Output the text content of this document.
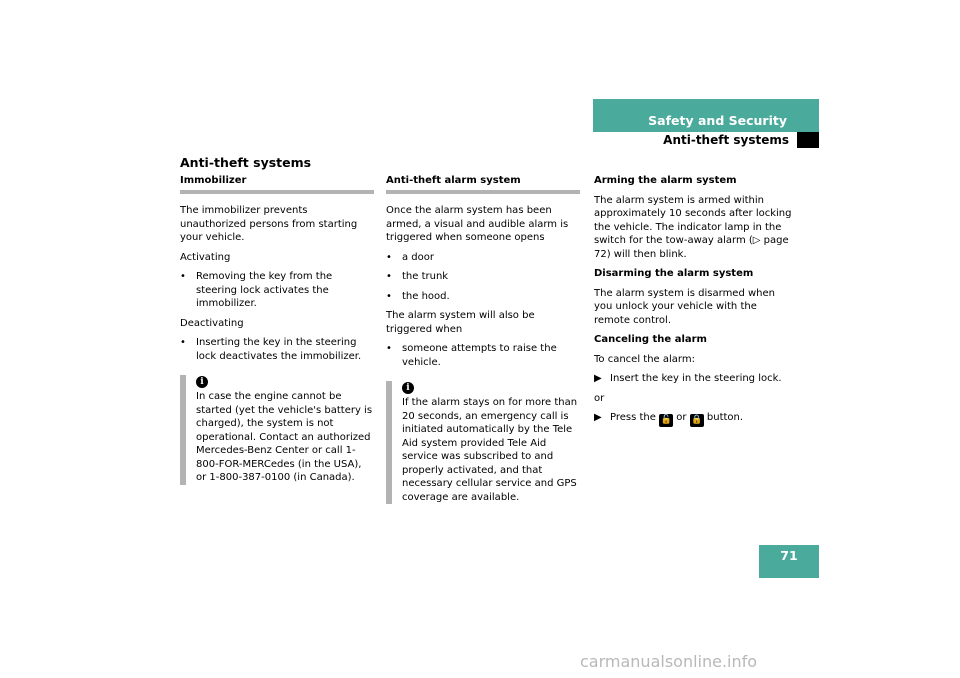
Safety and Security
Anti-theft systems
Anti-theft systems
Immobilizer

The immobilizer prevents unauthorized persons from starting your vehicle.

Activating

• Removing the key from the steering lock activates the immobilizer.

Deactivating

• Inserting the key in the steering lock deactivates the immobilizer.
i
In case the engine cannot be started (yet the vehicle's battery is charged), the system is not operational. Contact an authorized Mercedes-Benz Center or call 1-800-FOR-MERCedes (in the USA), or 1-800-387-0100 (in Canada).
Anti-theft alarm system

Once the alarm system has been armed, a visual and audible alarm is triggered when someone opens

• a door
• the trunk
• the hood.

The alarm system will also be triggered when

• someone attempts to raise the vehicle.
i
If the alarm stays on for more than 20 seconds, an emergency call is initiated automatically by the Tele Aid system provided Tele Aid service was subscribed to and properly activated, and that necessary cellular service and GPS coverage are available.

Arming the alarm system

The alarm system is armed within approximately 10 seconds after locking the vehicle. The indicator lamp in the switch for the tow-away alarm (▷ page 72) will then blink.

Disarming the alarm system

The alarm system is disarmed when you unlock your vehicle with the remote control.

Canceling the alarm

To cancel the alarm:

▶ Insert the key in the steering lock.

or

▶ Press the 🔓 or 🔒 button.
71
carmanualsonline.info
